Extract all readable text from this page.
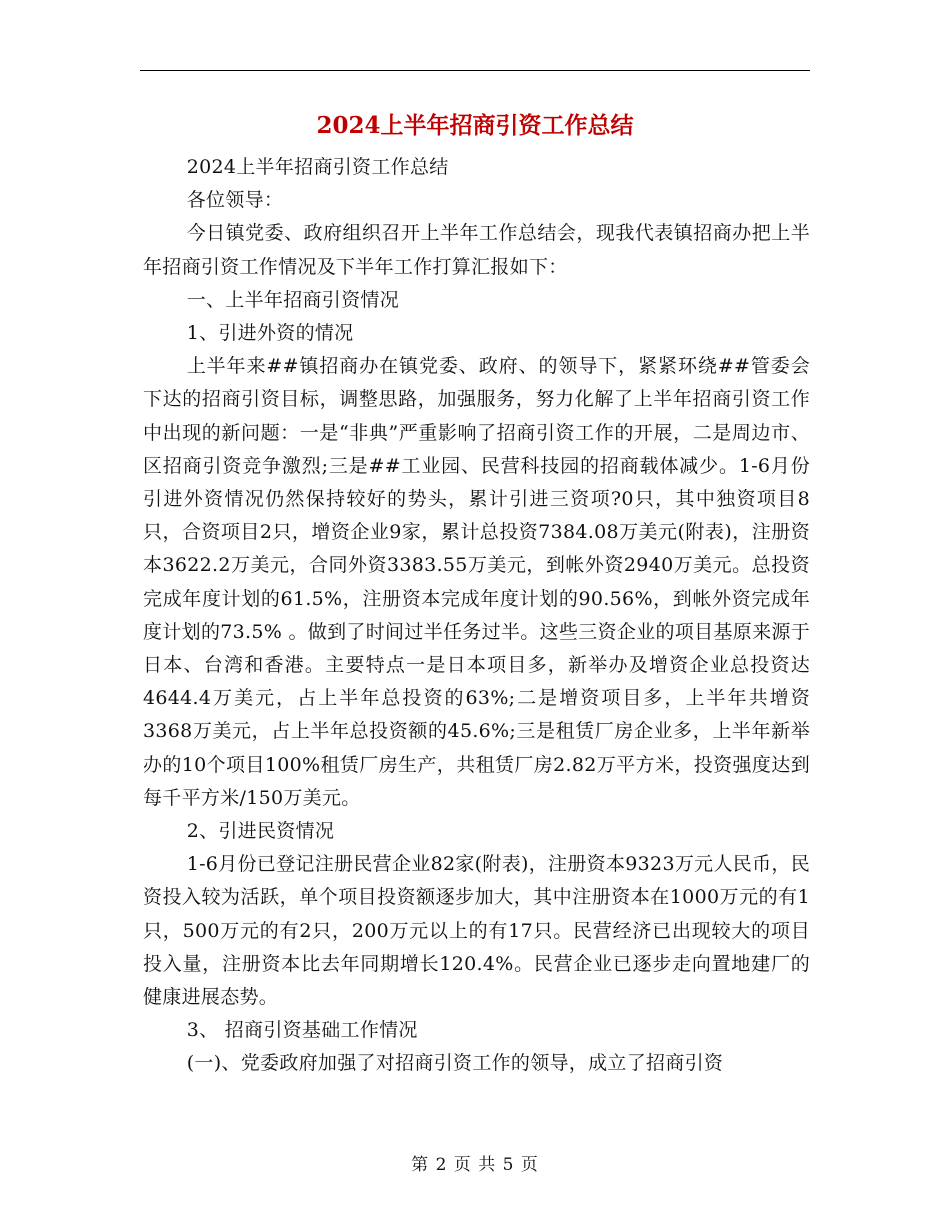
2024上半年招商引资工作总结

2024上半年招商引资工作总结

各位领导：

今日镇党委、政府组织召开上半年工作总结会，现我代表镇招商办把上半年招商引资工作情况及下半年工作打算汇报如下：

一、上半年招商引资情况

1、引进外资的情况

上半年来##镇招商办在镇党委、政府、的领导下，紧紧环绕##管委会下达的招商引资目标，调整思路，加强服务，努力化解了上半年招商引资工作中出现的新问题：一是“非典”严重影响了招商引资工作的开展，二是周边市、区招商引资竞争激烈;三是##工业园、民营科技园的招商载体减少。1-6月份引进外资情况仍然保持较好的势头，累计引进三资项?0只，其中独资项目8只，合资项目2只，增资企业9家，累计总投资7384.08万美元(附表)，注册资本3622.2万美元，合同外资3383.55万美元，到帐外资2940万美元。总投资完成年度计划的61.5%，注册资本完成年度计划的90.56%，到帐外资完成年度计划的73.5% 。做到了时间过半任务过半。这些三资企业的项目基原来源于日本、台湾和香港。主要特点一是日本项目多，新举办及增资企业总投资达4644.4万美元，占上半年总投资的63%;二是增资项目多，上半年共增资3368万美元，占上半年总投资额的45.6%;三是租赁厂房企业多，上半年新举办的10个项目100%租赁厂房生产，共租赁厂房2.82万平方米，投资强度达到每千平方米/150万美元。

2、引进民资情况

1-6月份已登记注册民营企业82家(附表)，注册资本9323万元人民币，民资投入较为活跃，单个项目投资额逐步加大，其中注册资本在1000万元的有1只，500万元的有2只，200万元以上的有17只。民营经济已出现较大的项目投入量，注册资本比去年同期增长120.4%。民营企业已逐步走向置地建厂的健康进展态势。

3、 招商引资基础工作情况

(一)、党委政府加强了对招商引资工作的领导，成立了招商引资

第 2 页 共 5 页
